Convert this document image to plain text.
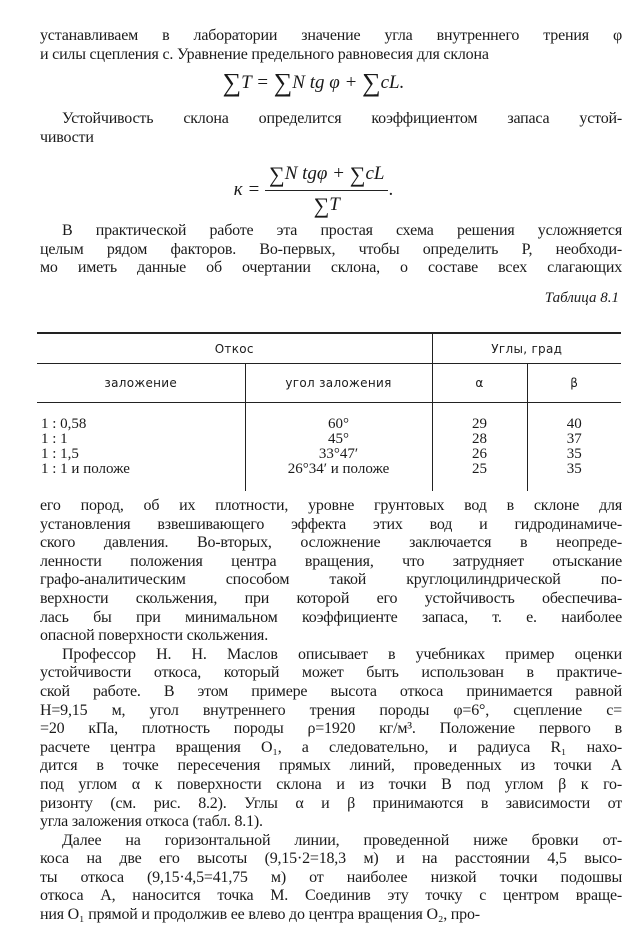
устанавливаем в лаборатории значение угла внутреннего трения φ
и силы сцепления c. Уравнение предельного равновесия для склона
∑T = ∑N tg φ + ∑cL.
Устойчивость склона определится коэффициентом запаса устой-
чивости
$к = \frac{\text{∑N tgφ + ∑cL}}{\sum T}$ .
В практической работе эта простая схема решения усложняется
целым рядом факторов. Во-первых, чтобы определить P, необходи-
мо иметь данные об очертании склона, о составе всех слагающих
Таблица 8.1
Откос		Углы, град	
заложение	угол заложения	α	β

1 : 0,58	60°	29	40
1 : 1	45°	28	37
1 : 1,5	33°47′	26	35
1 : 1 и положе	26°34′ и положе	25	35

его пород, об их плотности, уровне грунтовых вод в склоне для
установления взвешивающего эффекта этих вод и гидродинамиче-
ского давления. Во-вторых, осложнение заключается в неопреде-
ленности положения центра вращения, что затрудняет отыскание
графо-аналитическим способом такой круглоцилиндрической по-
верхности скольжения, при которой его устойчивость обеспечива-
лась бы при минимальном коэффициенте запаса, т. е. наиболее
опасной поверхности скольжения.
Профессор Н. Н. Маслов описывает в учебниках пример оценки
устойчивости откоса, который может быть использован в практиче-
ской работе. В этом примере высота откоса принимается равной
H=9,15 м, угол внутреннего трения породы φ=6°, сцепление c=
=20 кПа, плотность породы ρ=1920 кг/м³. Положение первого в
расчете центра вращения O₁, а следовательно, и радиуса R₁ нахо-
дится в точке пересечения прямых линий, проведенных из точки A
под углом α к поверхности склона и из точки B под углом β к го-
ризонту (см. рис. 8.2). Углы α и β принимаются в зависимости от
угла заложения откоса (табл. 8.1).
Далее на горизонтальной линии, проведенной ниже бровки от-
коса на две его высоты (9,15·2=18,3 м) и на расстоянии 4,5 высо-
ты откоса (9,15·4,5=41,75 м) от наиболее низкой точки подошвы
откоса A, наносится точка M. Соединив эту точку с центром враще-
ния O₁ прямой и продолжив ее влево до центра вращения O₂, про-
